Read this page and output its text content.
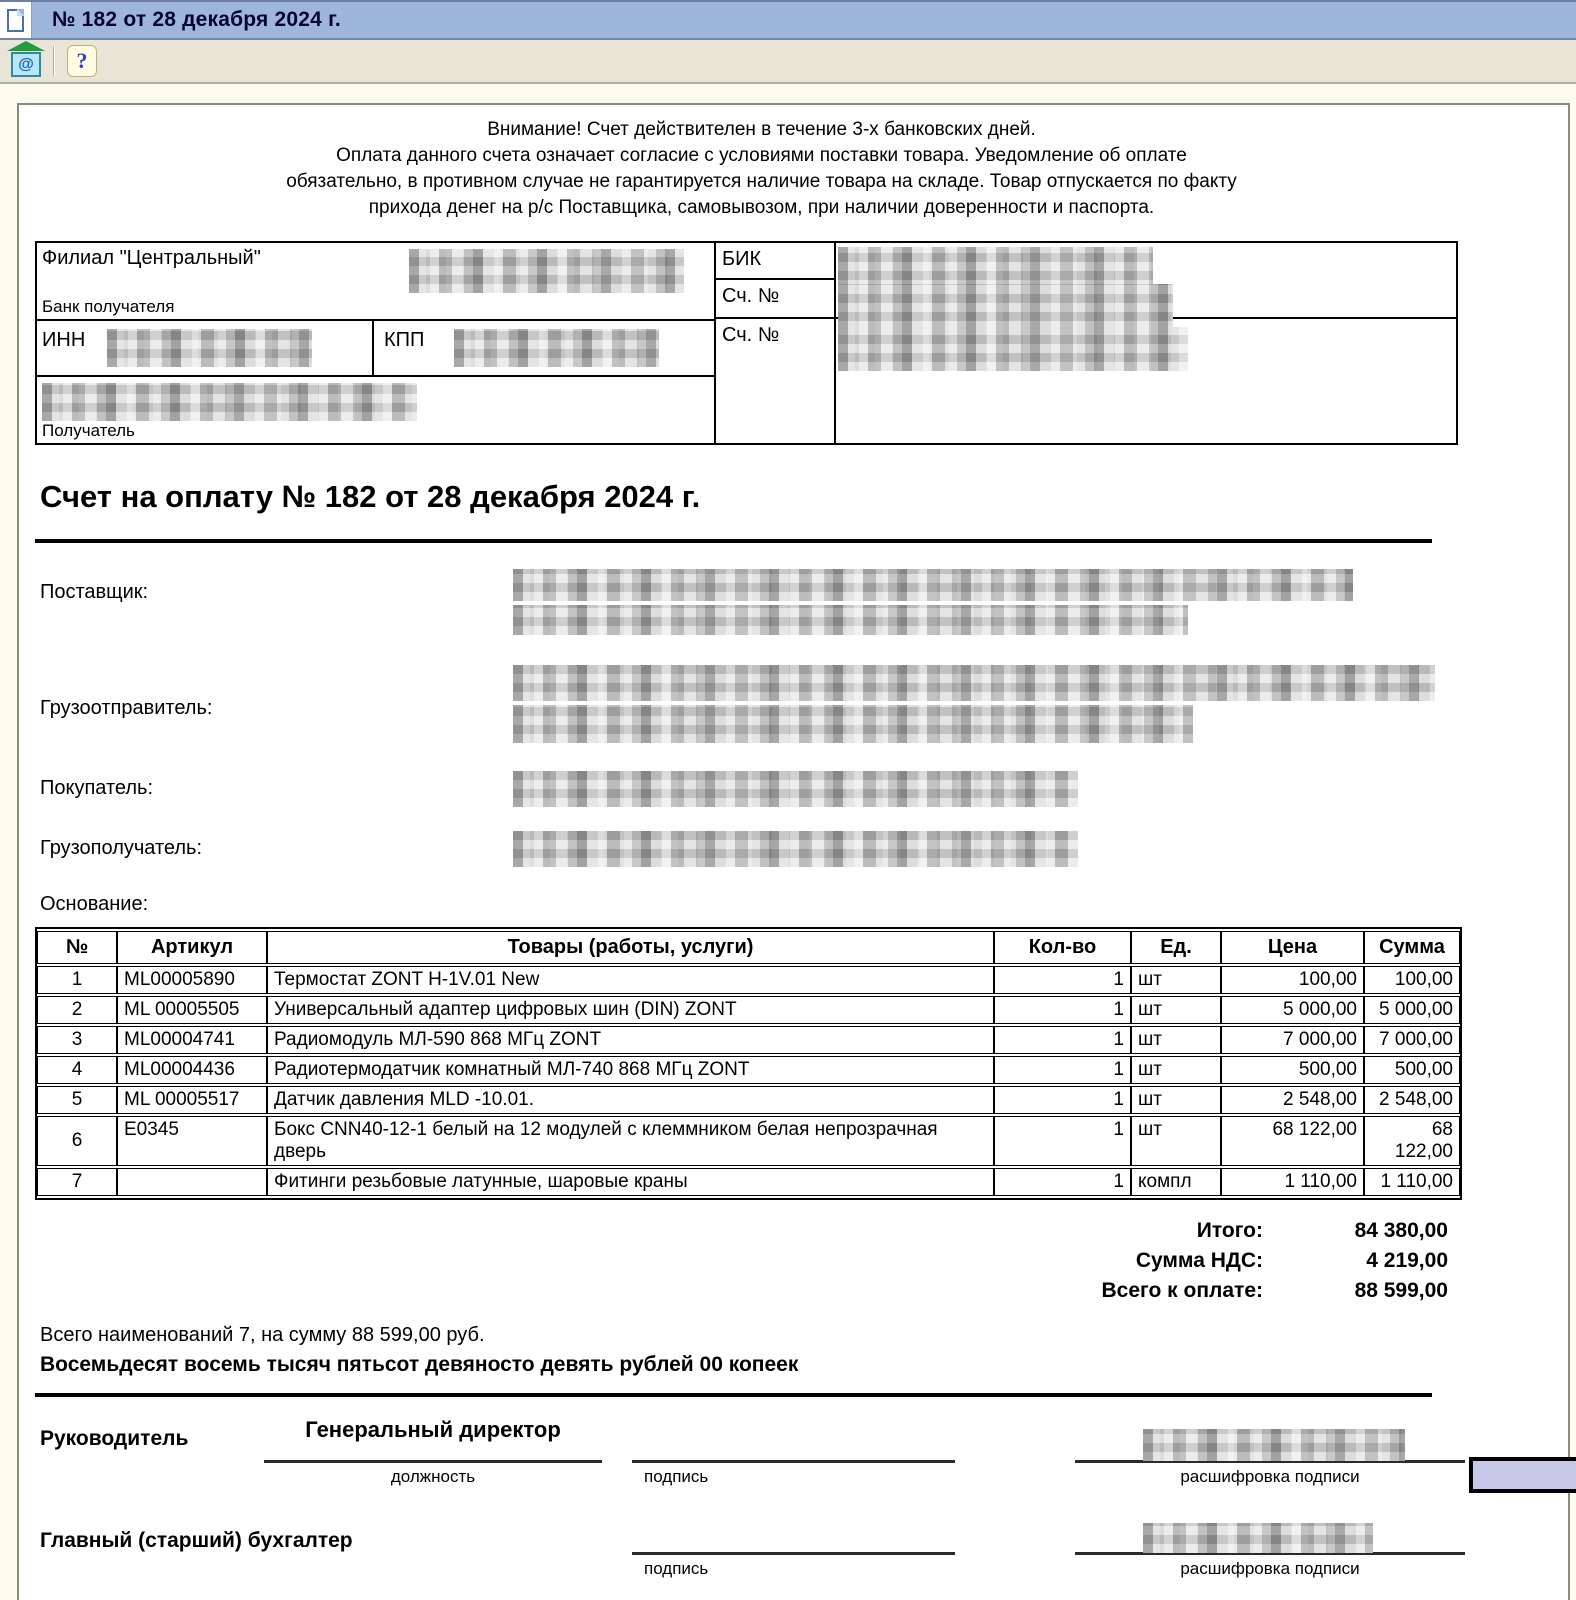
№ 182 от 28 декабря 2024 г.
@	?
Внимание! Счет действителен в течение 3-х банковских дней.
Оплата данного счета означает согласие с условиями поставки товара. Уведомление об оплате
обязательно, в противном случае не гарантируется наличие товара на складе. Товар отпускается по факту
прихода денег на р/с Поставщика, самовывозом, при наличии доверенности и паспорта.
Филиал "Центральный"
Банк получателя
ИНН	КПП
Получатель
БИК
Сч. №
Сч. №
Счет на оплату № 182 от 28 декабря 2024 г.
Поставщик:
Грузоотправитель:
Покупатель:
Грузополучатель:
Основание:
№	Артикул	Товары (работы, услуги)	Кол-во	Ед.	Цена	Сумма
1	ML00005890	Термостат ZONT H-1V.01 New	1	шт	100,00	100,00
2	ML 00005505	Универсальный адаптер цифровых шин (DIN) ZONT	1	шт	5 000,00	5 000,00
3	ML00004741	Радиомодуль МЛ-590 868 МГц ZONT	1	шт	7 000,00	7 000,00
4	ML00004436	Радиотермодатчик комнатный МЛ-740 868 МГц ZONT	1	шт	500,00	500,00
5	ML 00005517	Датчик давления MLD -10.01.	1	шт	2 548,00	2 548,00
6	E0345	Бокс CNN40-12-1 белый на 12 модулей с клеммником белая непрозрачная дверь	1	шт	68 122,00	68 122,00
7		Фитинги резьбовые латунные, шаровые краны	1	компл	1 110,00	1 110,00
Итого:	84 380,00
Сумма НДС:	4 219,00
Всего к оплате:	88 599,00
Всего наименований 7, на сумму 88 599,00 руб.
Восемьдесят восемь тысяч пятьсот девяносто девять рублей 00 копеек
Руководитель	Генеральный директор
должность	подпись	расшифровка подписи
Главный (старший) бухгалтер
подпись	расшифровка подписи
